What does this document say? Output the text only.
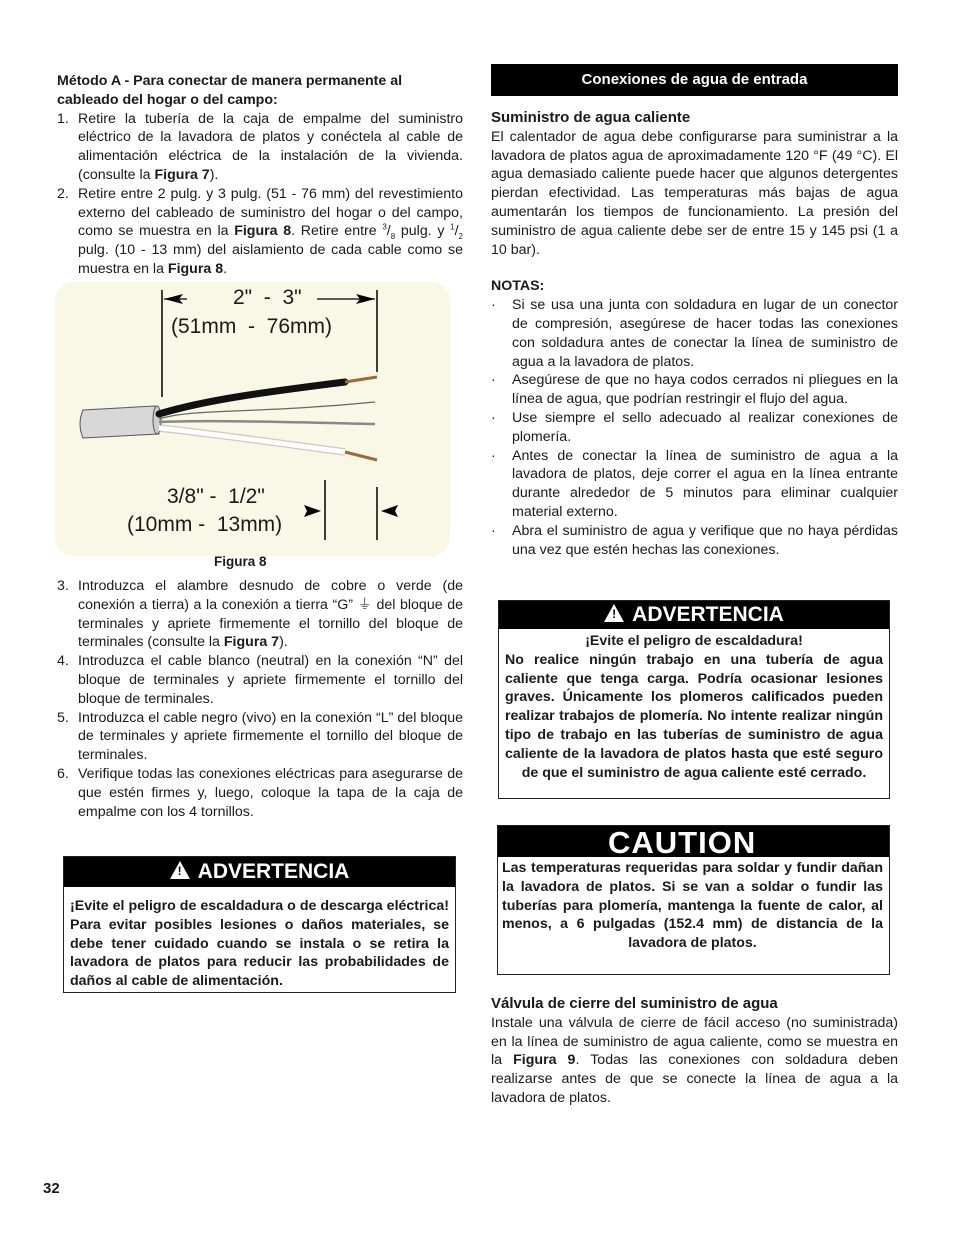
Método A - Para conectar de manera permanente al cableado del hogar o del campo:
1. Retire la tubería de la caja de empalme del suministro eléctrico de la lavadora de platos y conéctela al cable de alimentación eléctrica de la instalación de la vivienda. (consulte la Figura 7).
2. Retire entre 2 pulg. y 3 pulg. (51 - 76 mm) del revestimiento externo del cableado de suministro del hogar o del campo, como se muestra en la Figura 8. Retire entre $^3/_8$ pulg. y $^1/_2$ pulg. (10 - 13 mm) del aislamiento de cada cable como se muestra en la Figura 8.
2"  -  3"
(51mm  -  76mm)
3/8" -  1/2"
(10mm -  13mm)
Figura 8
3. Introduzca el alambre desnudo de cobre o verde (de conexión a tierra) a la conexión a tierra “G” ⏚ del bloque de terminales y apriete firmemente el tornillo del bloque de terminales (consulte la Figura 7).
4. Introduzca el cable blanco (neutral) en la conexión “N” del bloque de terminales y apriete firmemente el tornillo del bloque de terminales.
5. Introduzca el cable negro (vivo) en la conexión “L” del bloque de terminales y apriete firmemente el tornillo del bloque de terminales.
6. Verifique todas las conexiones eléctricas para asegurarse de que estén firmes y, luego, coloque la tapa de la caja de empalme con los 4 tornillos.
!ADVERTENCIA
¡Evite el peligro de escaldadura o de descarga eléctrica! Para evitar posibles lesiones o daños materiales, se debe tener cuidado cuando se instala o se retira la lavadora de platos para reducir las probabilidades de daños al cable de alimentación.
32
Conexiones de agua de entrada
Suministro de agua caliente
El calentador de agua debe configurarse para suministrar a la lavadora de platos agua de aproximadamente 120 °F (49 °C). El agua demasiado caliente puede hacer que algunos detergentes pierdan efectividad. Las temperaturas más bajas de agua aumentarán los tiempos de funcionamiento. La presión del suministro de agua caliente debe ser de entre 15 y 145 psi (1 a 10 bar).
NOTAS:
· Si se usa una junta con soldadura en lugar de un conector de compresión, asegúrese de hacer todas las conexiones con soldadura antes de conectar la línea de suministro de agua a la lavadora de platos.
· Asegúrese de que no haya codos cerrados ni pliegues en la línea de agua, que podrían restringir el flujo del agua.
· Use siempre el sello adecuado al realizar conexiones de plomería.
· Antes de conectar la línea de suministro de agua a la lavadora de platos, deje correr el agua en la línea entrante durante alrededor de 5 minutos para eliminar cualquier material externo.
· Abra el suministro de agua y verifique que no haya pérdidas una vez que estén hechas las conexiones.
!ADVERTENCIA
¡Evite el peligro de escaldadura!
No realice ningún trabajo en una tubería de agua caliente que tenga carga. Podría ocasionar lesiones graves. Únicamente los plomeros calificados pueden realizar trabajos de plomería. No intente realizar ningún tipo de trabajo en las tuberías de suministro de agua caliente de la lavadora de platos hasta que esté seguro de que el suministro de agua caliente esté cerrado.
CAUTION
Las temperaturas requeridas para soldar y fundir dañan la lavadora de platos. Si se van a soldar o fundir las tuberías para plomería, mantenga la fuente de calor, al menos, a 6 pulgadas (152.4 mm) de distancia de la lavadora de platos.
Válvula de cierre del suministro de agua
Instale una válvula de cierre de fácil acceso (no suministrada) en la línea de suministro de agua caliente, como se muestra en la Figura 9. Todas las conexiones con soldadura deben realizarse antes de que se conecte la línea de agua a la lavadora de platos.
